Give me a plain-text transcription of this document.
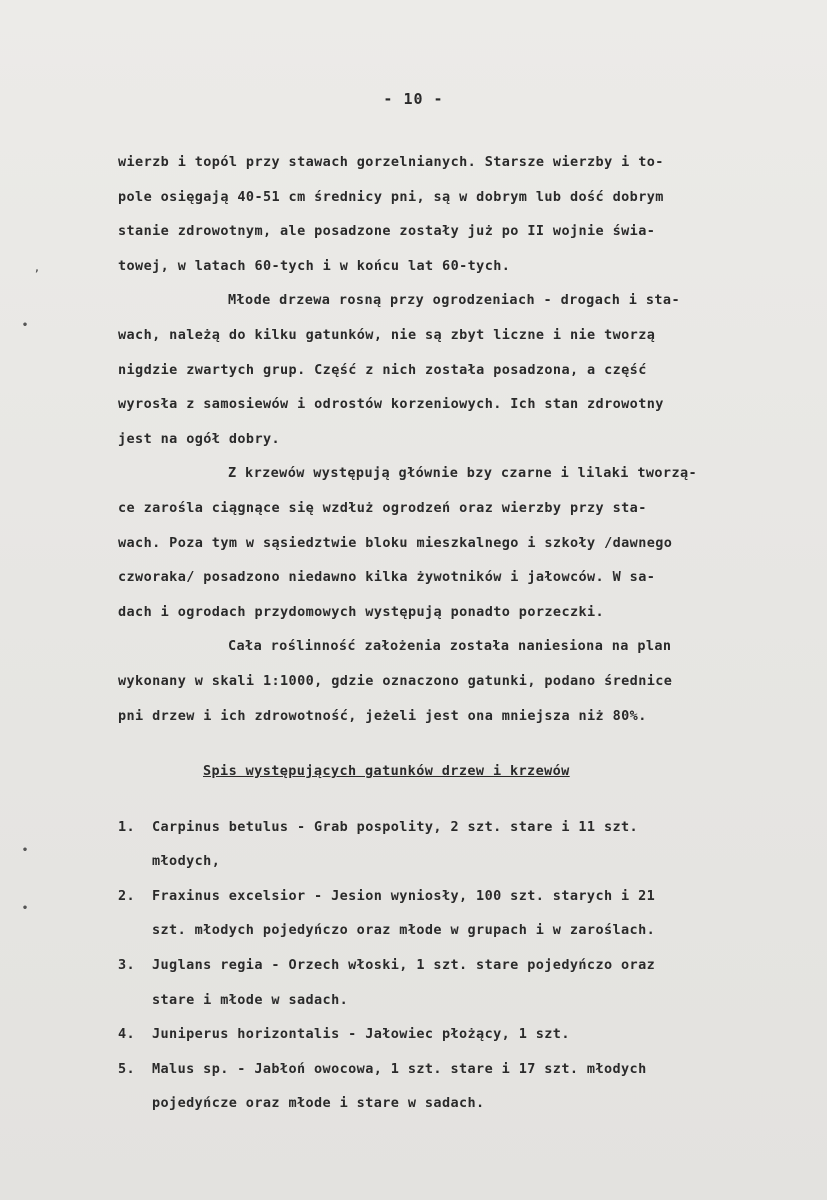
- 10 -
,
•
•
•
wierzb i topól przy stawach gorzelnianych. Starsze wierzby i to-
pole osięgają 40-51 cm średnicy pni, są w dobrym lub dość dobrym
stanie zdrowotnym, ale posadzone zostały już po II wojnie świa-
towej, w latach 60-tych i w końcu lat 60-tych.
Młode drzewa rosną przy ogrodzeniach - drogach i sta-
wach, należą do kilku gatunków, nie są zbyt liczne i nie tworzą
nigdzie zwartych grup. Część z nich została posadzona, a część
wyrosła z samosiewów i odrostów korzeniowych. Ich stan zdrowotny
jest na ogół dobry.
Z krzewów występują głównie bzy czarne i lilaki tworzą-
ce zarośla ciągnące się wzdłuż ogrodzeń oraz wierzby przy sta-
wach. Poza tym w sąsiedztwie bloku mieszkalnego i szkoły /dawnego
czworaka/ posadzono niedawno kilka żywotników i jałowców. W sa-
dach i ogrodach przydomowych występują ponadto porzeczki.
Cała roślinność założenia została naniesiona na plan
wykonany w skali 1:1000, gdzie oznaczono gatunki, podano średnice
pni drzew i ich zdrowotność, jeżeli jest ona mniejsza niż 80%.
Spis występujących gatunków drzew i krzewów
1. Carpinus betulus - Grab pospolity, 2 szt. stare i 11 szt.
młodych,
2. Fraxinus excelsior - Jesion wyniosły, 100 szt. starych i 21
szt. młodych pojedyńczo oraz młode w grupach i w zaroślach.
3. Juglans regia - Orzech włoski, 1 szt. stare pojedyńczo oraz
stare i młode w sadach.
4. Juniperus horizontalis - Jałowiec płożący, 1 szt.
5. Malus sp. - Jabłoń owocowa, 1 szt. stare i 17 szt. młodych
pojedyńcze oraz młode i stare w sadach.
